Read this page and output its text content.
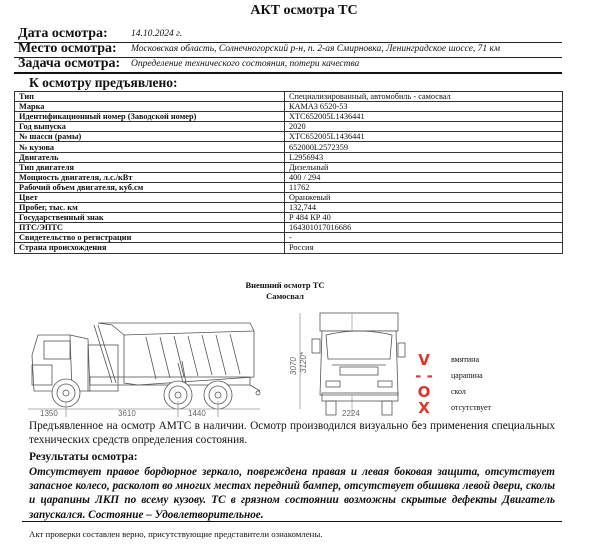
АКТ осмотра ТС
Дата осмотра: 14.10.2024 г.
Место осмотра: Московская область, Солнечногорский р-н, п. 2-ая Смирновка, Ленинградское шоссе, 71 км
Задача осмотра: Определение технического состояния, потери качества
К осмотру предъявлено:
Тип	Специализированный, автомобиль - самосвал
Марка	КАМАЗ 6520-53
Идентификационный номер (Заводской номер)	XTC652005L1436441
Год выпуска	2020
№ шасси (рамы)	XTC652005L1436441
№ кузова	652000L2572359
Двигатель	L2956943
Тип двигателя	Дизельный
Мощность двигателя, л.с./кВт	400 / 294
Рабочий объем двигателя, куб.см	11762
Цвет	Оранжевый
Пробег, тыс. км	132,744
Государственный знак	Р 484 КР 40
ПТС/ЭПТС	164301017016686
Свидетельство о регистрации	-
Страна происхождения	Россия
Внешний осмотр ТС
Самосвал
1350	3610	1440
3070 3120*
2224
V	вмятина
- - царапина
O	скол
X	отсутствует
Предъявленное на осмотр АМТС в наличии. Осмотр производился визуально без применения специальных технических средств определения состояния.
Результаты осмотра:
Отсутствует правое бордюрное зеркало, повреждена правая и левая боковая защита, отсутствует запасное колесо, расколот во многих местах передний бампер, отсутствует обшивка левой двери, сколы и царапины ЛКП по всему кузову. ТС в грязном состоянии возможны скрытые дефекты Двигатель запускался. Состояние – Удовлетворительное.
Акт проверки составлен верно, присутствующие представители ознакомлены.
